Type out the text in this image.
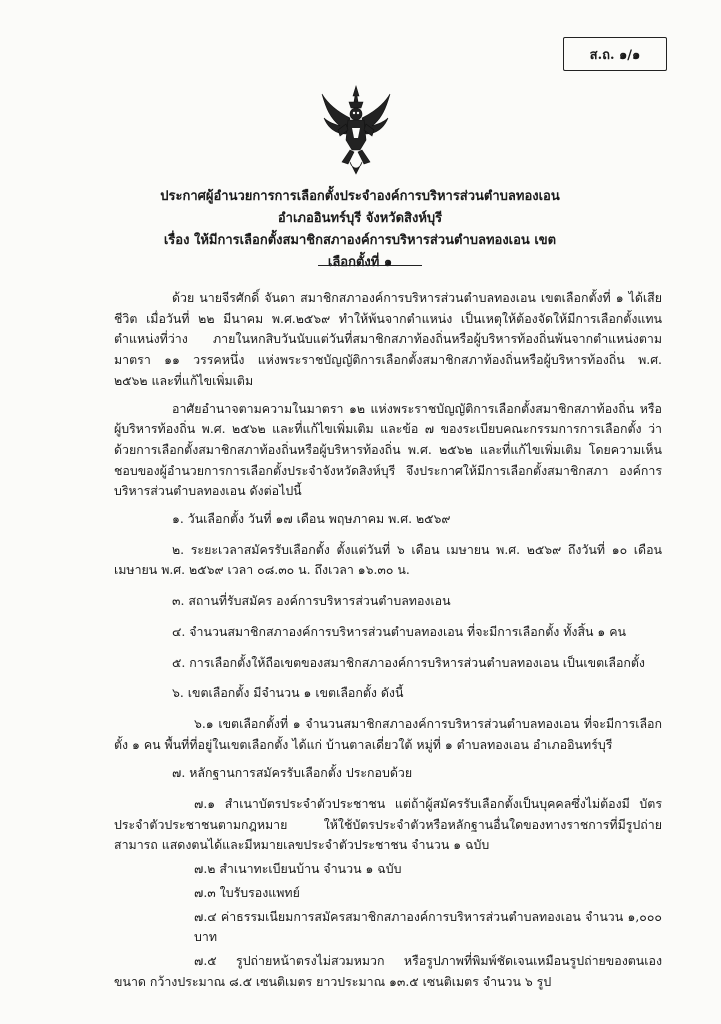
ส.ถ. ๑/๑
ประกาศผู้อำนวยการการเลือกตั้งประจำองค์การบริหารส่วนตำบลทองเอน
อำเภออินทร์บุรี จังหวัดสิงห์บุรี
เรื่อง ให้มีการเลือกตั้งสมาชิกสภาองค์การบริหารส่วนตำบลทองเอน เขตเลือกตั้งที่ ๑

ด้วย นายจีรศักดิ์ จันดา สมาชิกสภาองค์การบริหารส่วนตำบลทองเอน เขตเลือกตั้งที่ ๑ ได้เสียชีวิต เมื่อวันที่ ๒๒ มีนาคม พ.ศ.๒๕๖๙ ทำให้พ้นจากตำแหน่ง เป็นเหตุให้ต้องจัดให้มีการเลือกตั้งแทนตำแหน่งที่ว่าง ภายในหกสิบวันนับแต่วันที่สมาชิกสภาท้องถิ่นหรือผู้บริหารท้องถิ่นพ้นจากตำแหน่งตามมาตรา ๑๑ วรรคหนึ่ง แห่งพระราชบัญญัติการเลือกตั้งสมาชิกสภาท้องถิ่นหรือผู้บริหารท้องถิ่น พ.ศ. ๒๕๖๒ และที่แก้ไขเพิ่มเติม

อาศัยอำนาจตามความในมาตรา ๑๒ แห่งพระราชบัญญัติการเลือกตั้งสมาชิกสภาท้องถิ่น หรือผู้บริหารท้องถิ่น พ.ศ. ๒๕๖๒ และที่แก้ไขเพิ่มเติม และข้อ ๗ ของระเบียบคณะกรรมการการเลือกตั้ง ว่าด้วยการเลือกตั้งสมาชิกสภาท้องถิ่นหรือผู้บริหารท้องถิ่น พ.ศ. ๒๕๖๒ และที่แก้ไขเพิ่มเติม โดยความเห็นชอบของผู้อำนวยการการเลือกตั้งประจำจังหวัดสิงห์บุรี จึงประกาศให้มีการเลือกตั้งสมาชิกสภา องค์การบริหารส่วนตำบลทองเอน ดังต่อไปนี้

๑. วันเลือกตั้ง วันที่ ๑๗ เดือน พฤษภาคม พ.ศ. ๒๕๖๙

๒. ระยะเวลาสมัครรับเลือกตั้ง ตั้งแต่วันที่ ๖ เดือน เมษายน พ.ศ. ๒๕๖๙ ถึงวันที่ ๑๐ เดือน เมษายน พ.ศ. ๒๕๖๙ เวลา ๐๘.๓๐ น. ถึงเวลา ๑๖.๓๐ น.

๓. สถานที่รับสมัคร องค์การบริหารส่วนตำบลทองเอน

๔. จำนวนสมาชิกสภาองค์การบริหารส่วนตำบลทองเอน ที่จะมีการเลือกตั้ง ทั้งสิ้น ๑ คน

๕. การเลือกตั้งให้ถือเขตของสมาชิกสภาองค์การบริหารส่วนตำบลทองเอน เป็นเขตเลือกตั้ง

๖. เขตเลือกตั้ง มีจำนวน ๑ เขตเลือกตั้ง ดังนี้

๖.๑ เขตเลือกตั้งที่ ๑ จำนวนสมาชิกสภาองค์การบริหารส่วนตำบลทองเอน ที่จะมีการเลือกตั้ง ๑ คน พื้นที่ที่อยู่ในเขตเลือกตั้ง ได้แก่ บ้านตาลเดี่ยวใต้ หมู่ที่ ๑ ตำบลทองเอน อำเภออินทร์บุรี

๗. หลักฐานการสมัครรับเลือกตั้ง ประกอบด้วย

๗.๑ สำเนาบัตรประจำตัวประชาชน แต่ถ้าผู้สมัครรับเลือกตั้งเป็นบุคคลซึ่งไม่ต้องมี บัตรประจำตัวประชาชนตามกฎหมาย ให้ใช้บัตรประจำตัวหรือหลักฐานอื่นใดของทางราชการที่มีรูปถ่าย สามารถ แสดงตนได้และมีหมายเลขประจำตัวประชาชน จำนวน ๑ ฉบับ

๗.๒ สำเนาทะเบียนบ้าน จำนวน ๑ ฉบับ

๗.๓ ใบรับรองแพทย์

๗.๔ ค่าธรรมเนียมการสมัครสมาชิกสภาองค์การบริหารส่วนตำบลทองเอน จำนวน ๑,๐๐๐ บาท

๗.๕ รูปถ่ายหน้าตรงไม่สวมหมวก หรือรูปภาพที่พิมพ์ชัดเจนเหมือนรูปถ่ายของตนเอง ขนาด กว้างประมาณ ๘.๕ เซนติเมตร ยาวประมาณ ๑๓.๕ เซนติเมตร จำนวน ๖ รูป
